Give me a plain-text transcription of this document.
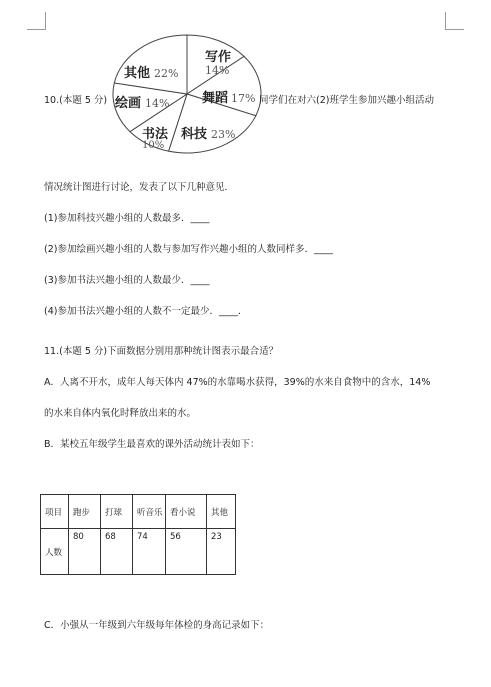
10.(本题 5 分)
写作
14%
舞蹈 17%
科技 23%
书法
10%
绘画 14%
其他 22%
同学们在对六(2)班学生参加兴趣小组活动
情况统计图进行讨论，发表了以下几种意见．
(1)参加科技兴趣小组的人数最多．____
(2)参加绘画兴趣小组的人数与参加写作兴趣小组的人数同样多．____
(3)参加书法兴趣小组的人数最少．____
(4)参加书法兴趣小组的人数不一定最少．____．
11.(本题 5 分)下面数据分别用那种统计图表示最合适？
A．人离不开水，成年人每天体内 47%的水靠喝水获得，39%的水来自食物中的含水，14%
的水来自体内氧化时释放出来的水。
B．某校五年级学生最喜欢的课外活动统计表如下：
项目	跑步	打球	听音乐	看小说	其他

人数	80	68	74	56	23
C．小强从一年级到六年级每年体检的身高记录如下：
